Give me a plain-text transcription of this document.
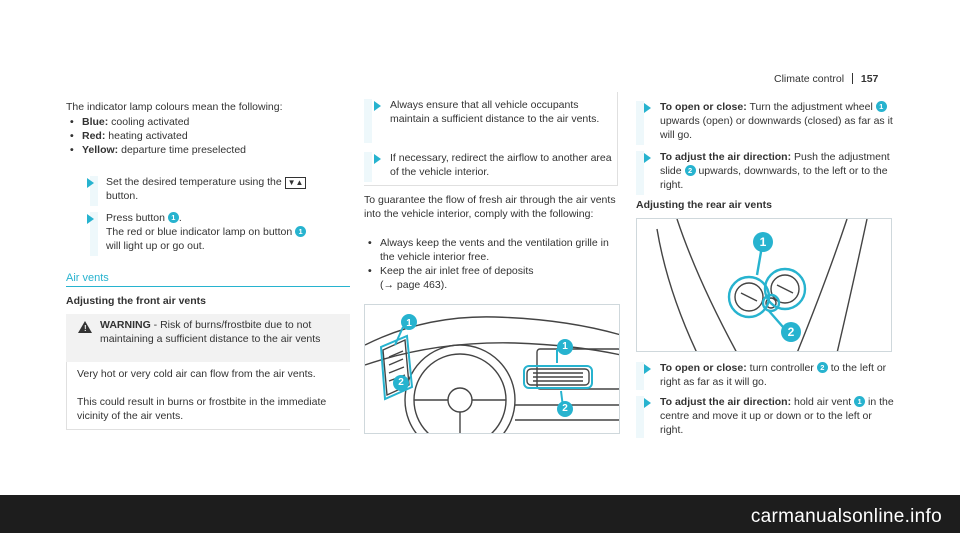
Climate control 157
The indicator lamp colours mean the following:
• Blue: cooling activated
• Red: heating activated
• Yellow: departure time preselected
Set the desired temperature using the ▼▲
button.
Press button 1 .
The red or blue indicator lamp on button 1
will light up or go out.
Air vents
Adjusting the front air vents
! WARNING - Risk of burns/frostbite due to not maintaining a sufficient distance to the air vents
Very hot or very cold air can flow from the air vents.
This could result in burns or frostbite in the immediate vicinity of the air vents.
Always ensure that all vehicle occupants maintain a sufficient distance to the air vents.
If necessary, redirect the airflow to another area of the vehicle interior.
To guarantee the flow of fresh air through the air vents into the vehicle interior, comply with the following:
• Always keep the vents and the ventilation grille in the vehicle interior free.
• Keep the air inlet free of deposits
(→ page 463).
1
2
1
2
To open or close: Turn the adjustment wheel 1 upwards (open) or downwards (closed) as far as it will go.
To adjust the air direction: Push the adjustment slide 2 upwards, downwards, to the left or to the right.
Adjusting the rear air vents
1
2
To open or close: turn controller 2 to the left or right as far as it will go.
To adjust the air direction: hold air vent 1 in the centre and move it up or down or to the left or right.
carmanualsonline.info
